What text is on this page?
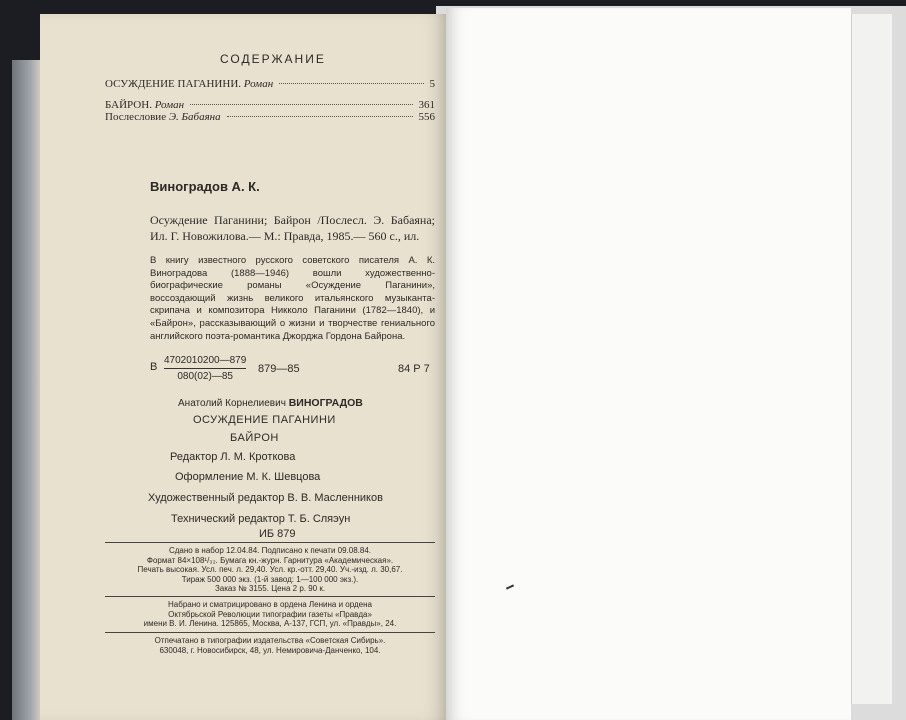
СОДЕРЖАНИЕ
ОСУЖДЕНИЕ ПАГАНИНИ.
Роман	5
БАЙРОН.
Роман	361
Послесловие
Э. Бабаяна	556
Виноградов А. К.
Осуждение Паганини; Байрон /Послесл. Э. Бабаяна; Ил. Г. Новожилова.— М.: Правда, 1985.— 560 с., ил.
В книгу известного русского советского писателя А. К. Виноградова (1888—1946) вошли художественно-биографические романы «Осуждение Паганини», воссоздающий жизнь великого итальянского музыканта-скрипача и композитора Никколо Паганини (1782—1840), и «Байрон», рассказывающий о жизни и творчестве гениального английского поэта-романтика Джорджа Гордона Байрона.
В
4702010200—879
080(02)—85
879—85	84 Р 7
Анатолий Корнелиевич ВИНОГРАДОВ
ОСУЖДЕНИЕ ПАГАНИНИ
БАЙРОН
Редактор Л. М. Кроткова
Оформление М. К. Шевцова
Художественный редактор В. В. Масленников
Технический редактор Т. Б. Сляэун
ИБ 879
Сдано в набор 12.04.84. Подписано к печати 09.08.84.
Формат 84×108¹/₃₂. Бумага кн.-журн. Гарнитура «Академическая».
Печать высокая. Усл. печ. л. 29,40. Усл. кр.-отт. 29,40. Уч.-изд. л. 30,67.
Тираж 500 000 экз. (1-й завод: 1—100 000 экз.).
Заказ № 3155. Цена 2 р. 90 к.
Набрано и сматрицировано в ордена Ленина и ордена
Октябрьской Революции типографии газеты «Правда»
имени В. И. Ленина. 125865, Москва, А-137, ГСП, ул. «Правды», 24.
Отпечатано в типографии издательства «Советская Сибирь».
630048, г. Новосибирск, 48, ул. Немировича-Данченко, 104.
